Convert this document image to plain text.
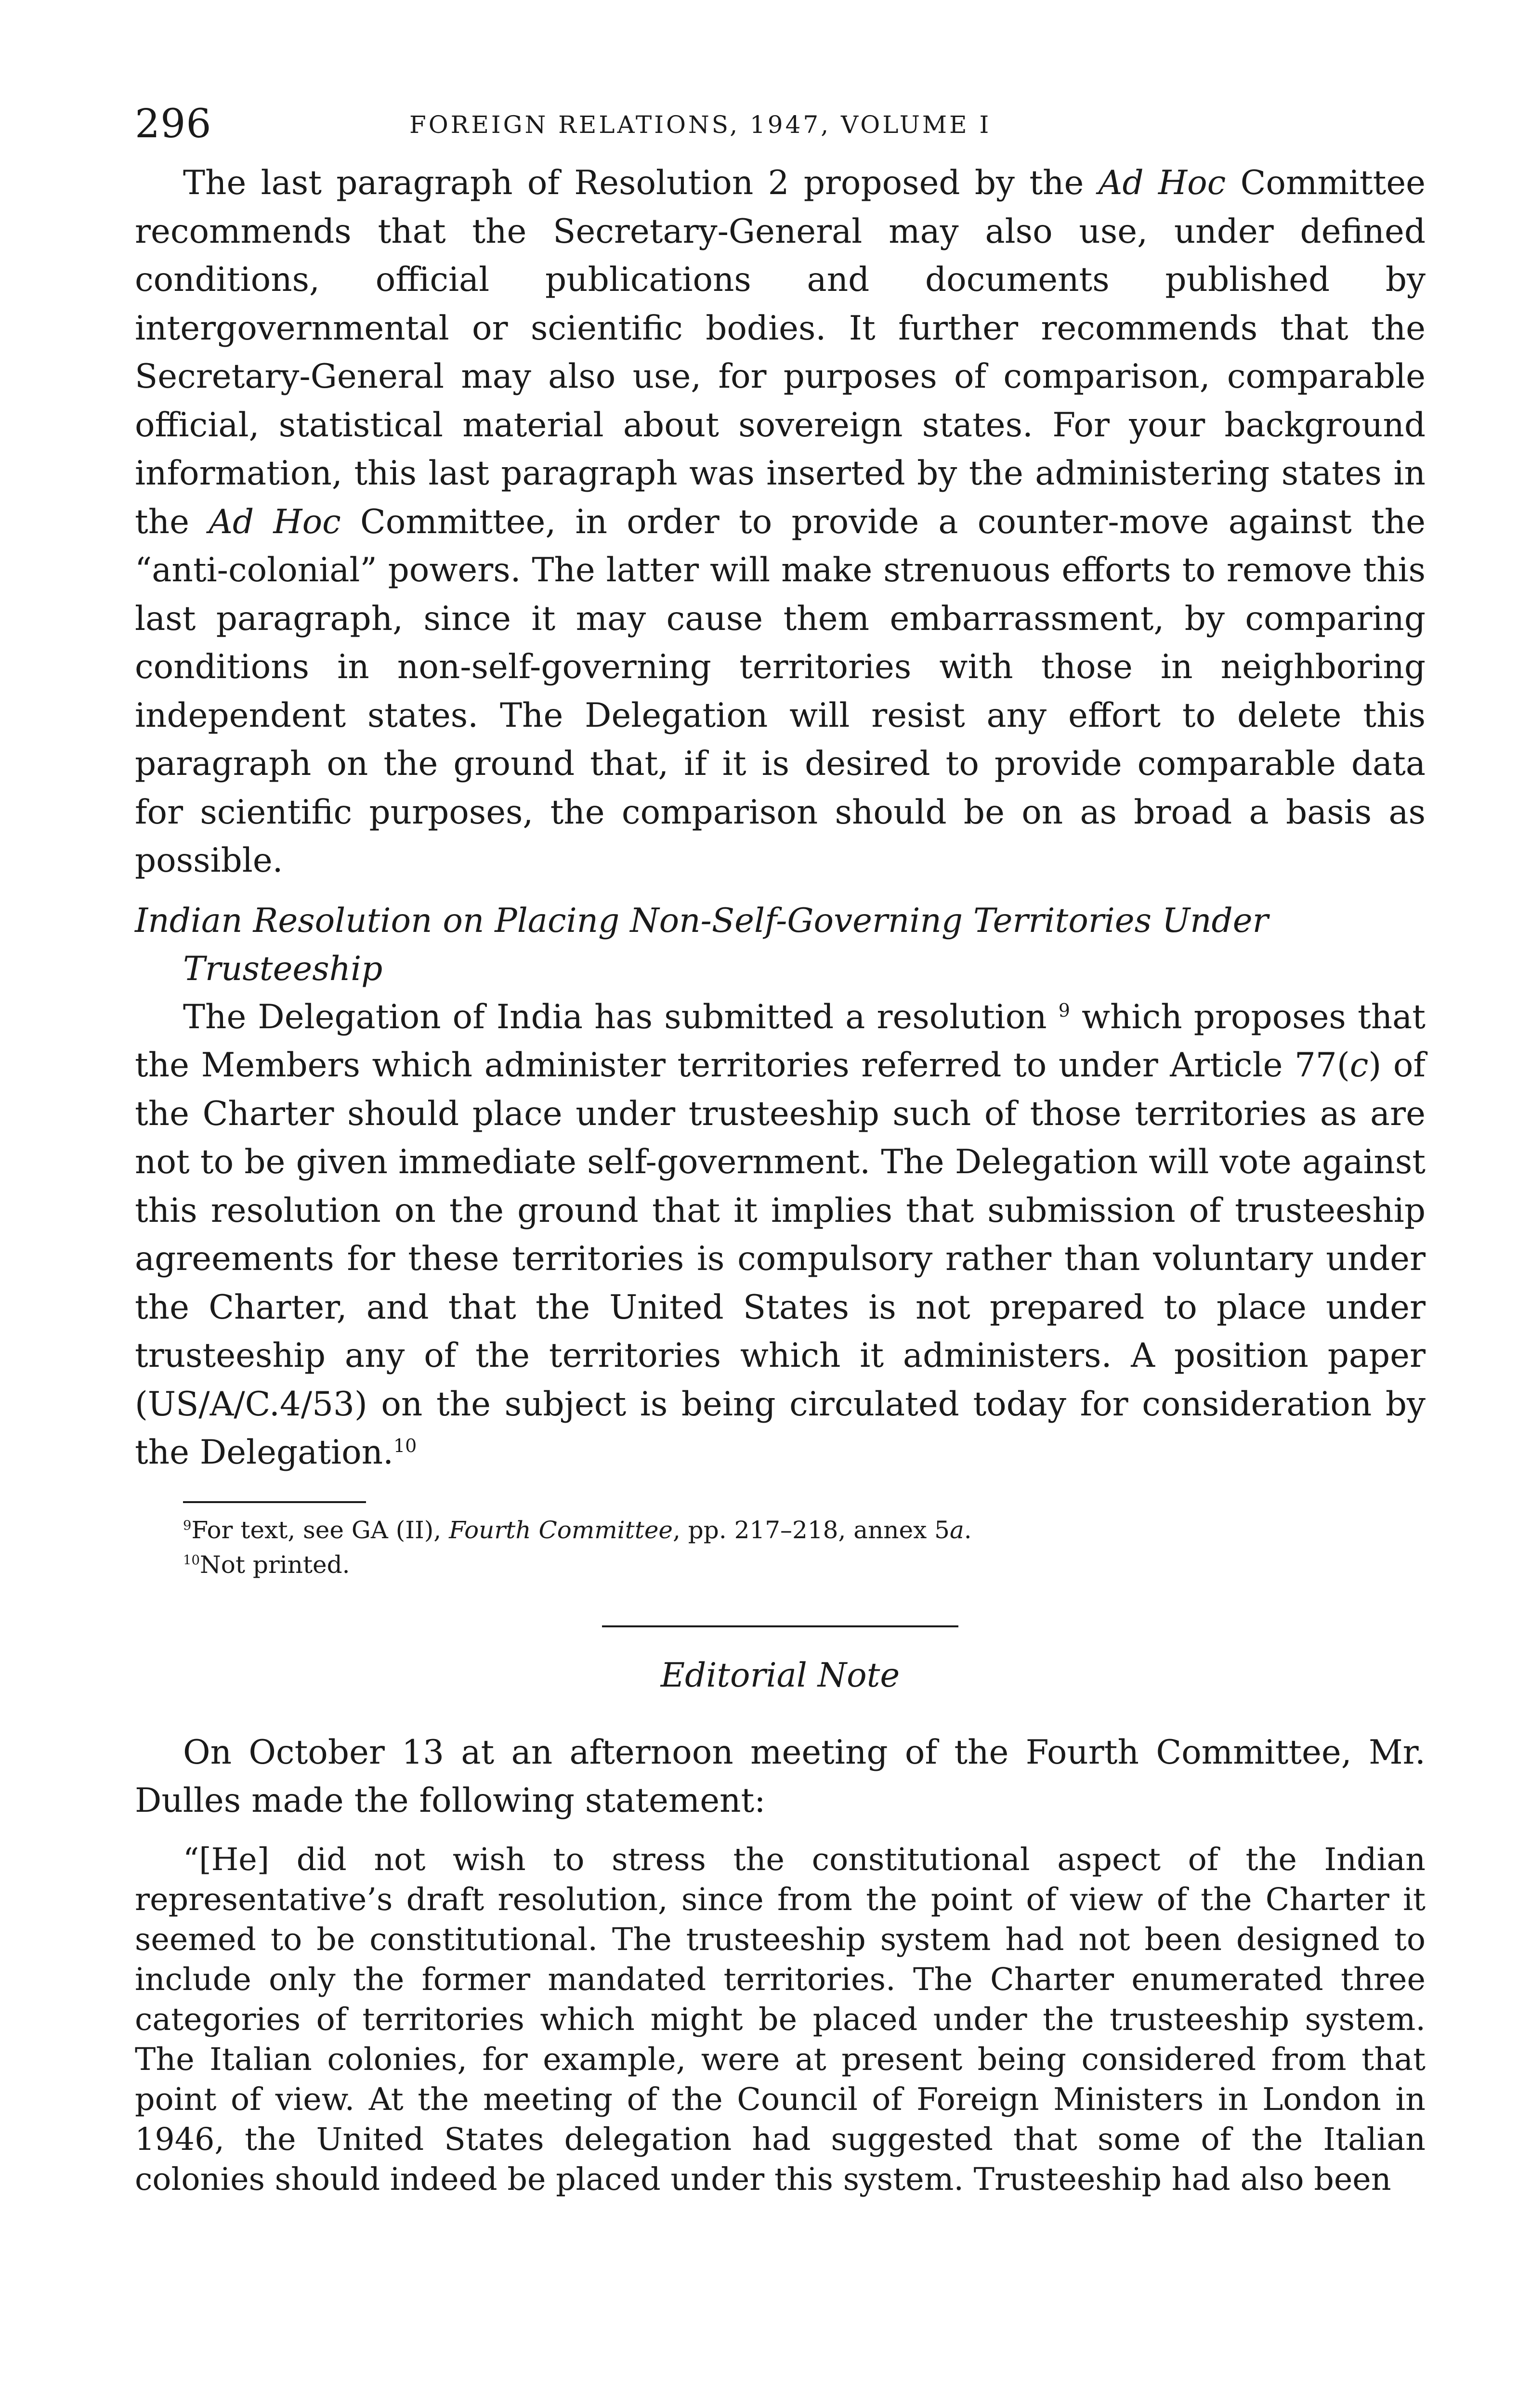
296	FOREIGN RELATIONS, 1947, VOLUME I

The last paragraph of Resolution 2 proposed by the Ad Hoc Committee recommends that the Secretary-General may also use, under defined conditions, official publications and documents published by intergovernmental or scientific bodies. It further recommends that the Secretary-General may also use, for purposes of comparison, comparable official, statistical material about sovereign states. For your background information, this last paragraph was inserted by the administering states in the Ad Hoc Committee, in order to provide a counter-move against the “anti-colonial” powers. The latter will make strenuous efforts to remove this last paragraph, since it may cause them embarrassment, by comparing conditions in non-self-governing territories with those in neighboring independent states. The Delegation will resist any effort to delete this paragraph on the ground that, if it is desired to provide comparable data for scientific purposes, the comparison should be on as broad a basis as possible.

Indian Resolution on Placing Non-Self-Governing Territories Under Trusteeship

The Delegation of India has submitted a resolution $^9$ which proposes that the Members which administer territories referred to under Article 77(c) of the Charter should place under trusteeship such of those territories as are not to be given immediate self-government. The Delegation will vote against this resolution on the ground that it implies that submission of trusteeship agreements for these territories is compulsory rather than voluntary under the Charter, and that the United States is not prepared to place under trusteeship any of the territories which it administers. A position paper (US/A/C.4/53) on the subject is being circulated today for consideration by the Delegation.$^{10}$

$^9$For text, see GA (II), Fourth Committee, pp. 217–218, annex 5a.
$^{10}$Not printed.
Editorial Note

On October 13 at an afternoon meeting of the Fourth Committee, Mr. Dulles made the following statement:

“[He] did not wish to stress the constitutional aspect of the Indian representative’s draft resolution, since from the point of view of the Charter it seemed to be constitutional. The trusteeship system had not been designed to include only the former mandated territories. The Charter enumerated three categories of territories which might be placed under the trusteeship system. The Italian colonies, for example, were at present being considered from that point of view. At the meeting of the Council of Foreign Ministers in London in 1946, the United States delegation had suggested that some of the Italian colonies should indeed be placed under this system. Trusteeship had also been
